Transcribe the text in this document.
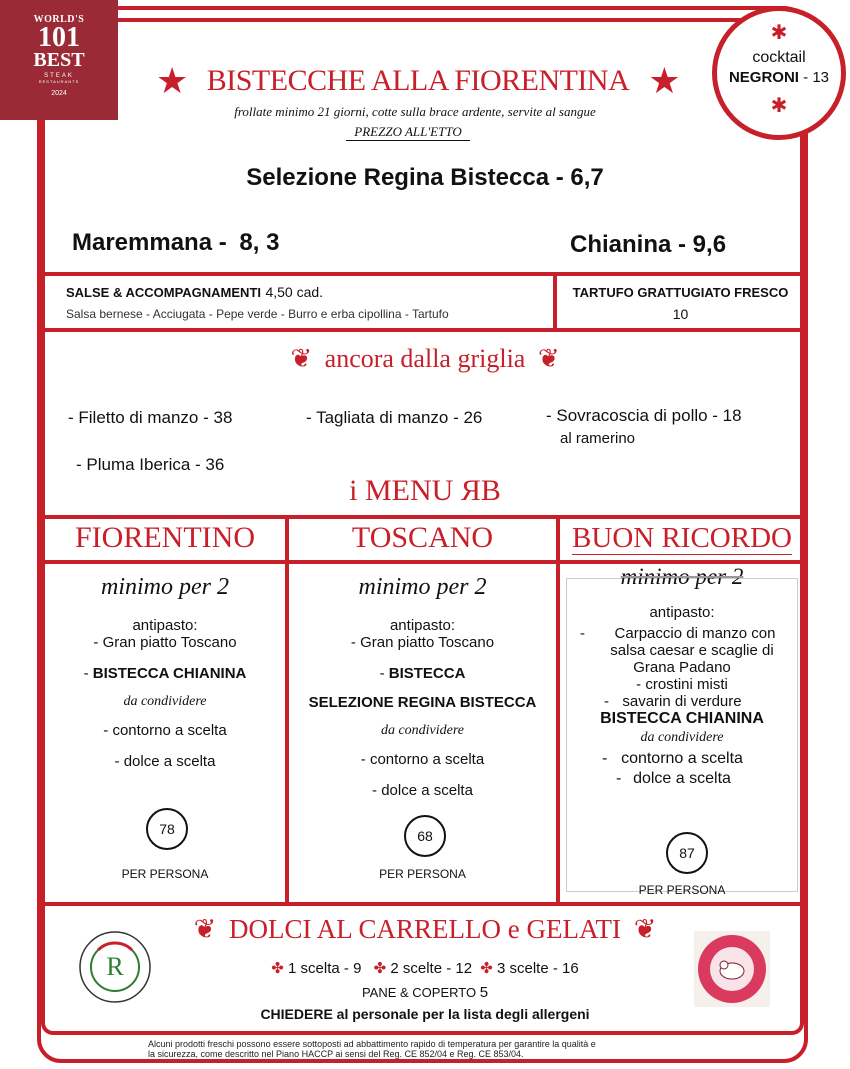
WORLD'S
101
BEST
STEAK
RESTAURANTS
2024
✱
cocktail
NEGRONI - 13
✱
★ BISTECCHE ALLA FIORENTINA ★
frollate minimo 21 giorni, cotte sulla brace ardente, servite al sangue
PREZZO ALL'ETTO
Selezione Regina Bistecca - 6,7
Maremmana - 8, 3	Chianina - 9,6
SALSE & ACCOMPAGNAMENTI 4,50 cad.
Salsa bernese - Acciugata - Pepe verde - Burro e erba cipollina - Tartufo
TARTUFO GRATTUGIATO FRESCO
10
❦ ancora dalla griglia ❦
- Filetto di manzo - 38	- Tagliata di manzo - 26	- Sovracoscia di pollo - 18
al ramerino
- Pluma Iberica - 36
i MENU ЯB
FIORENTINO
minimo per 2
antipasto:
- Gran piatto Toscano
- BISTECCA CHIANINA
da condividere
- contorno a scelta
- dolce a scelta
78
PER PERSONA
TOSCANO
minimo per 2
antipasto:
- Gran piatto Toscano
- BISTECCA
SELEZIONE REGINA BISTECCA
da condividere
- contorno a scelta
- dolce a scelta
68
PER PERSONA
BUON RICORDO
minimo per 2
antipasto:
- Carpaccio di manzo con
salsa caesar e scaglie di
Grana Padano
- crostini misti
- savarin di verdure
BISTECCA CHIANINA
da condividere
- contorno a scelta
- dolce a scelta
87
PER PERSONA
❦ DOLCI AL CARRELLO e GELATI ❦
✤ 1 scelta - 9 ✤ 2 scelte - 12 ✤ 3 scelte - 16
PANE & COPERTO 5
CHIEDERE al personale per la lista degli allergeni
R
Alcuni prodotti freschi possono essere sottoposti ad abbattimento rapido di temperatura per garantire la qualità e
la sicurezza, come descritto nel Piano HACCP ai sensi del Reg. CE 852/04 e Reg. CE 853/04.
